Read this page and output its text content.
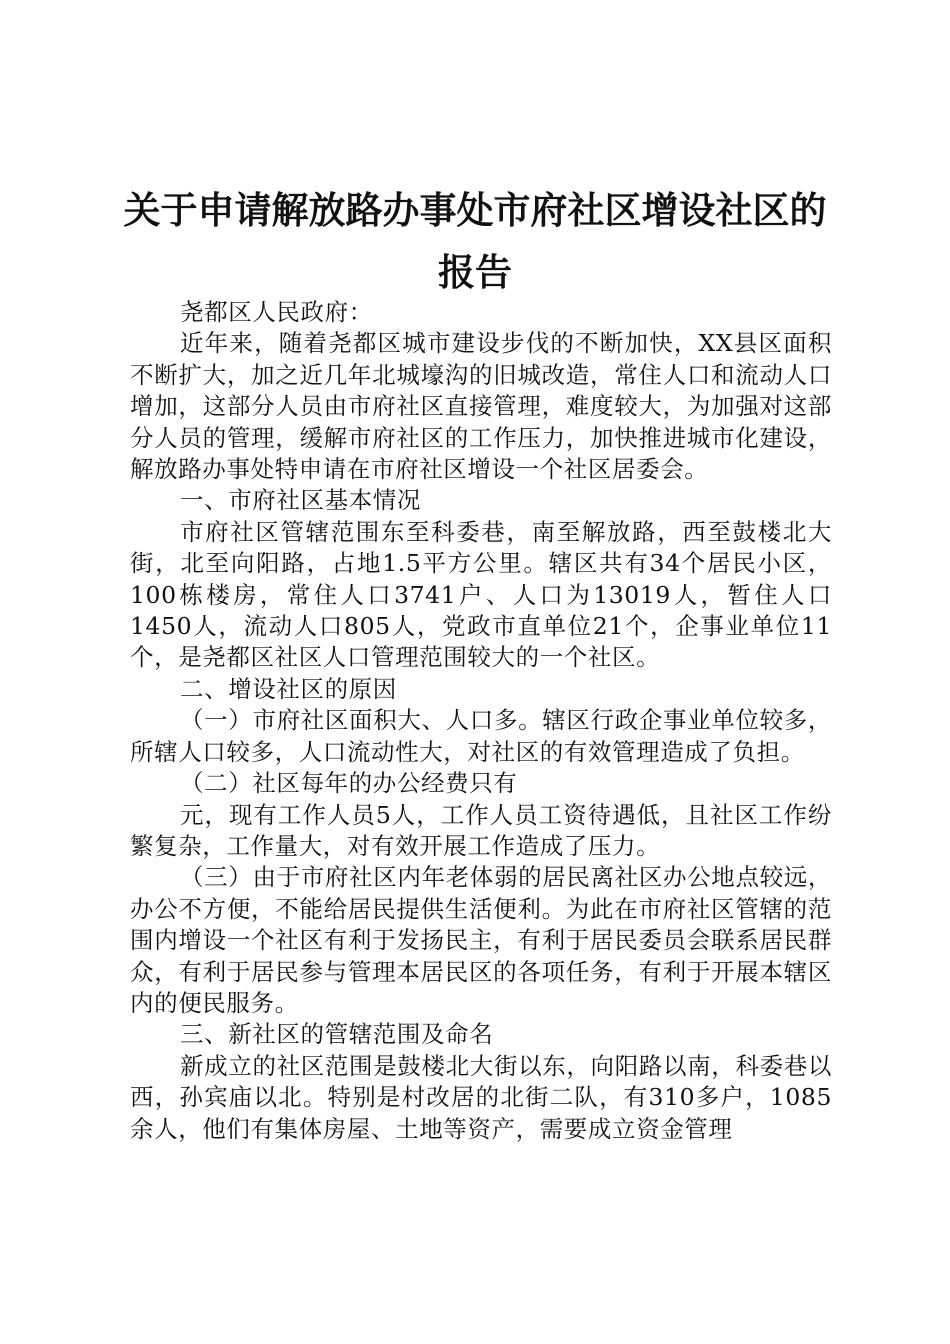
关于申请解放路办事处市府社区增设社区的报告

尧都区人民政府：

近年来，随着尧都区城市建设步伐的不断加快，XX县区面积不断扩大，加之近几年北城壕沟的旧城改造，常住人口和流动人口增加，这部分人员由市府社区直接管理，难度较大，为加强对这部分人员的管理，缓解市府社区的工作压力，加快推进城市化建设，解放路办事处特申请在市府社区增设一个社区居委会。

一、市府社区基本情况

市府社区管辖范围东至科委巷，南至解放路，西至鼓楼北大街，北至向阳路，占地1.5平方公里。辖区共有34个居民小区，100栋楼房，常住人口3741户、人口为13019人，暂住人口1450人，流动人口805人，党政市直单位21个，企事业单位11个，是尧都区社区人口管理范围较大的一个社区。

二、增设社区的原因

（一）市府社区面积大、人口多。辖区行政企事业单位较多，所辖人口较多，人口流动性大，对社区的有效管理造成了负担。

（二）社区每年的办公经费只有

元，现有工作人员5人，工作人员工资待遇低，且社区工作纷繁复杂，工作量大，对有效开展工作造成了压力。

（三）由于市府社区内年老体弱的居民离社区办公地点较远，办公不方便，不能给居民提供生活便利。为此在市府社区管辖的范围内增设一个社区有利于发扬民主，有利于居民委员会联系居民群众，有利于居民参与管理本居民区的各项任务，有利于开展本辖区内的便民服务。

三、新社区的管辖范围及命名

新成立的社区范围是鼓楼北大街以东，向阳路以南，科委巷以西，孙宾庙以北。特别是村改居的北街二队，有310多户，1085余人，他们有集体房屋、土地等资产，需要成立资金管理
